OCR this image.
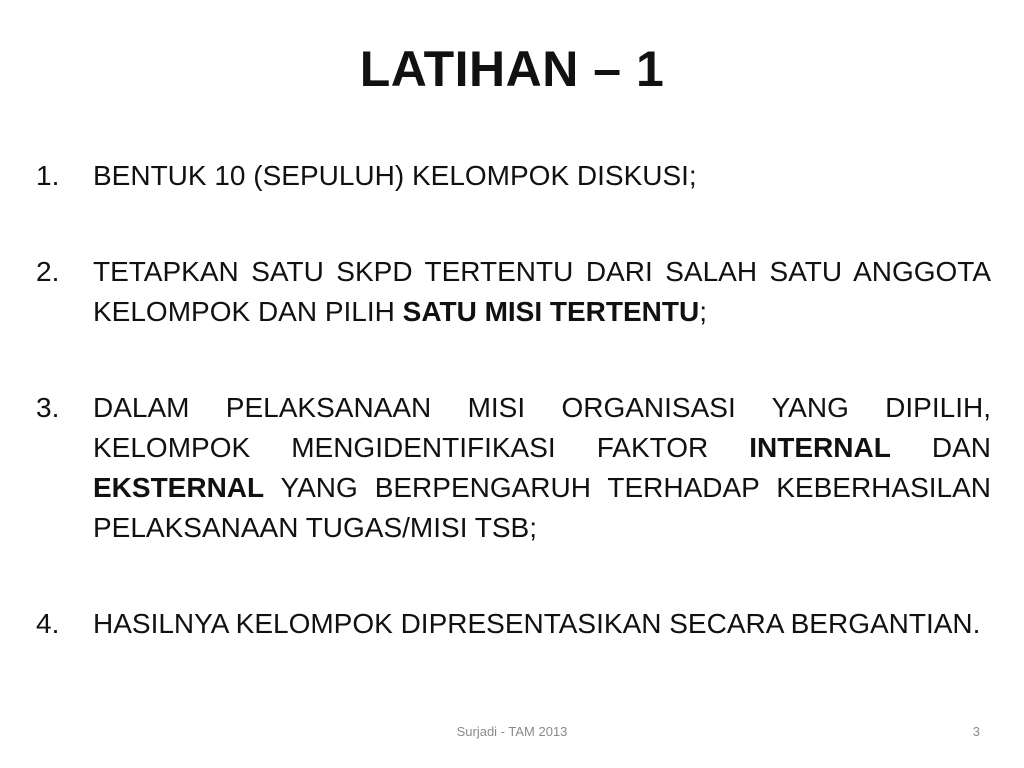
LATIHAN – 1
1.	BENTUK 10 (SEPULUH) KELOMPOK DISKUSI;
2.	TETAPKAN SATU SKPD TERTENTU DARI SALAH SATU ANGGOTA KELOMPOK DAN PILIH SATU MISI TERTENTU;
3.	DALAM PELAKSANAAN MISI ORGANISASI YANG DIPILIH, KELOMPOK MENGIDENTIFIKASI FAKTOR INTERNAL DAN EKSTERNAL YANG BERPENGARUH TERHADAP KEBERHASILAN PELAKSANAAN TUGAS/MISI TSB;
4.	HASILNYA KELOMPOK DIPRESENTASIKAN SECARA BERGANTIAN.
Surjadi - TAM 2013	3
